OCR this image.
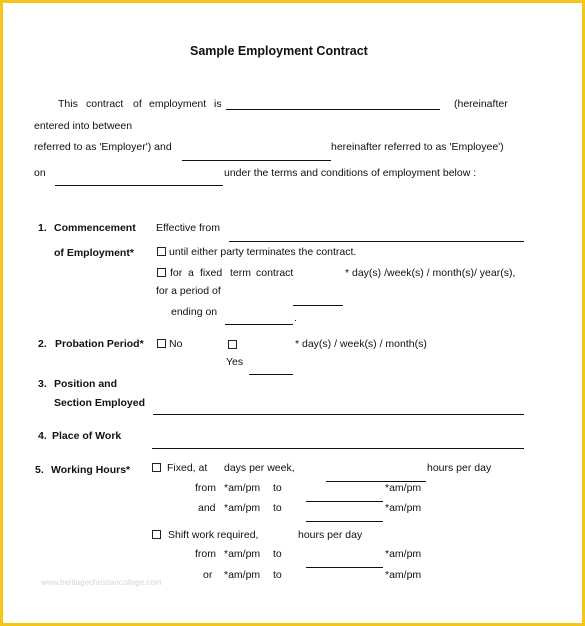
Sample Employment Contract
This contract of employment is	(hereinafter
entered into between
referred to as 'Employer') and	hereinafter referred to as 'Employee')
on	under the terms and conditions of employment below :
1. Commencement
of Employment*
Effective from
until either party terminates the contract.
for a fixed term contract	* day(s) /week(s) / month(s)/ year(s),
for a period of
ending on	.
2. Probation Period* No	* day(s) / week(s) / month(s)
Yes
3. Position and
Section Employed
4. Place of Work
5. Working Hours*	Fixed, at days per week,	hours per day
from *am/pm to	*am/pm
and *am/pm to	*am/pm
Shift work required,	hours per day
from *am/pm to	*am/pm
or *am/pm to	*am/pm
www.heritagechristiancollege.com
